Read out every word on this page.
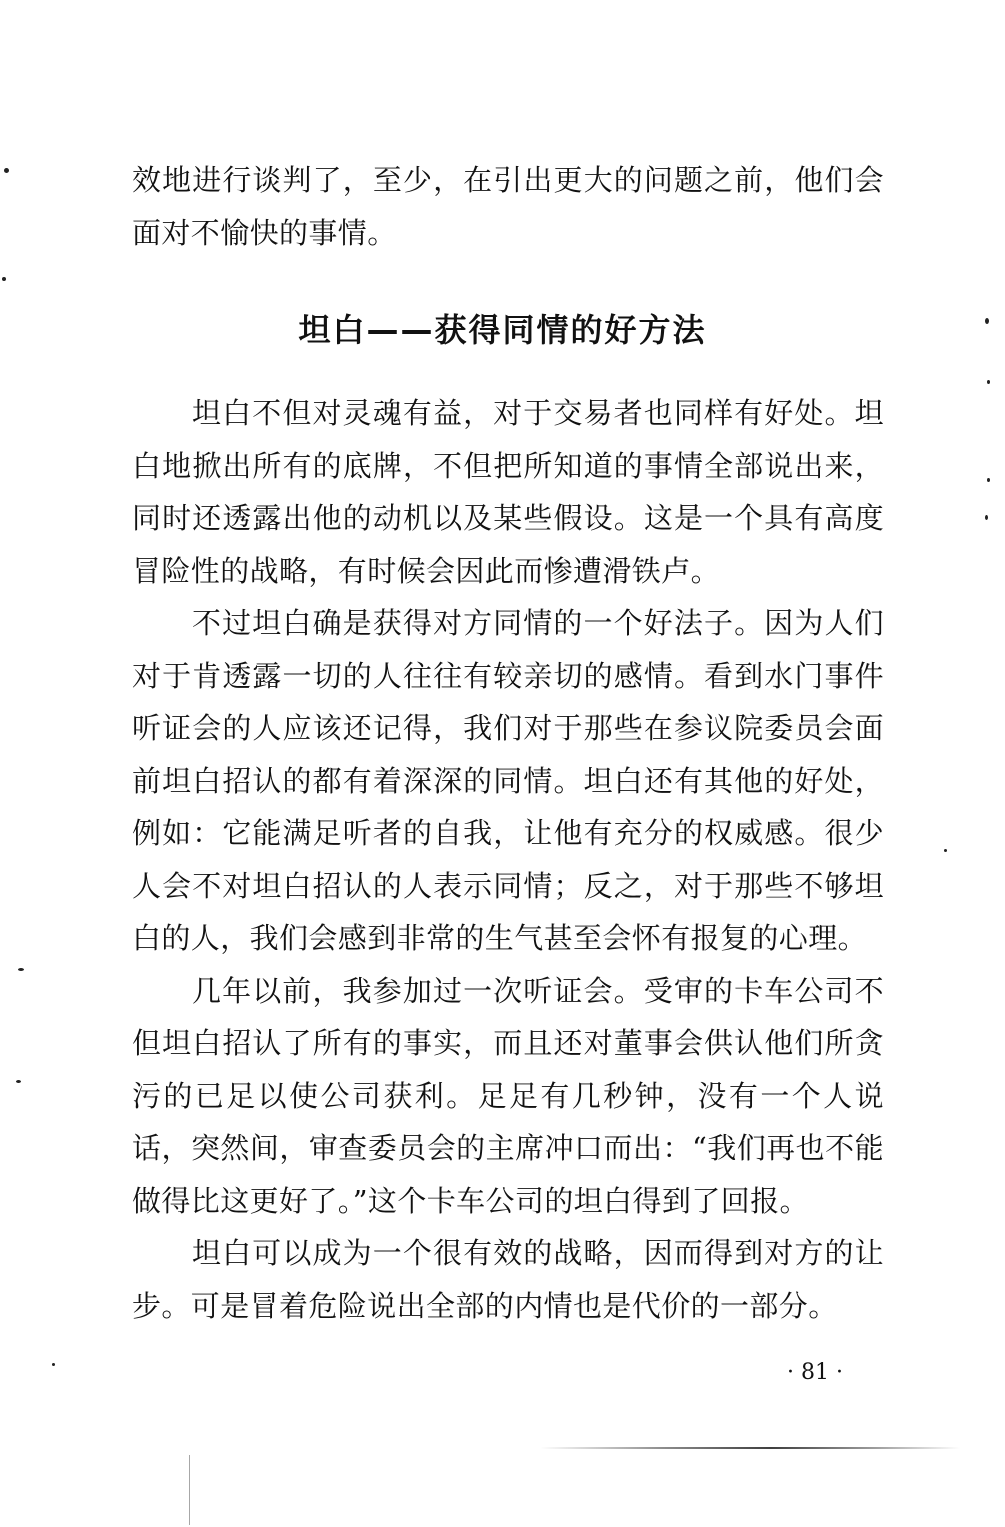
效地进行谈判了，至少，在引出更大的问题之前，他们会面对不愉快的事情。

坦白——获得同情的好方法

坦白不但对灵魂有益，对于交易者也同样有好处。坦白地掀出所有的底牌，不但把所知道的事情全部说出来，同时还透露出他的动机以及某些假设。这是一个具有高度冒险性的战略，有时候会因此而惨遭滑铁卢。

不过坦白确是获得对方同情的一个好法子。因为人们对于肯透露一切的人往往有较亲切的感情。看到水门事件听证会的人应该还记得，我们对于那些在参议院委员会面前坦白招认的都有着深深的同情。坦白还有其他的好处，例如：它能满足听者的自我，让他有充分的权威感。很少人会不对坦白招认的人表示同情；反之，对于那些不够坦白的人，我们会感到非常的生气甚至会怀有报复的心理。

几年以前，我参加过一次听证会。受审的卡车公司不但坦白招认了所有的事实，而且还对董事会供认他们所贪污的已足以使公司获利。足足有几秒钟，没有一个人说话，突然间，审查委员会的主席冲口而出：“我们再也不能做得比这更好了。”这个卡车公司的坦白得到了回报。

坦白可以成为一个很有效的战略，因而得到对方的让步。可是冒着危险说出全部的内情也是代价的一部分。

· 81 ·
